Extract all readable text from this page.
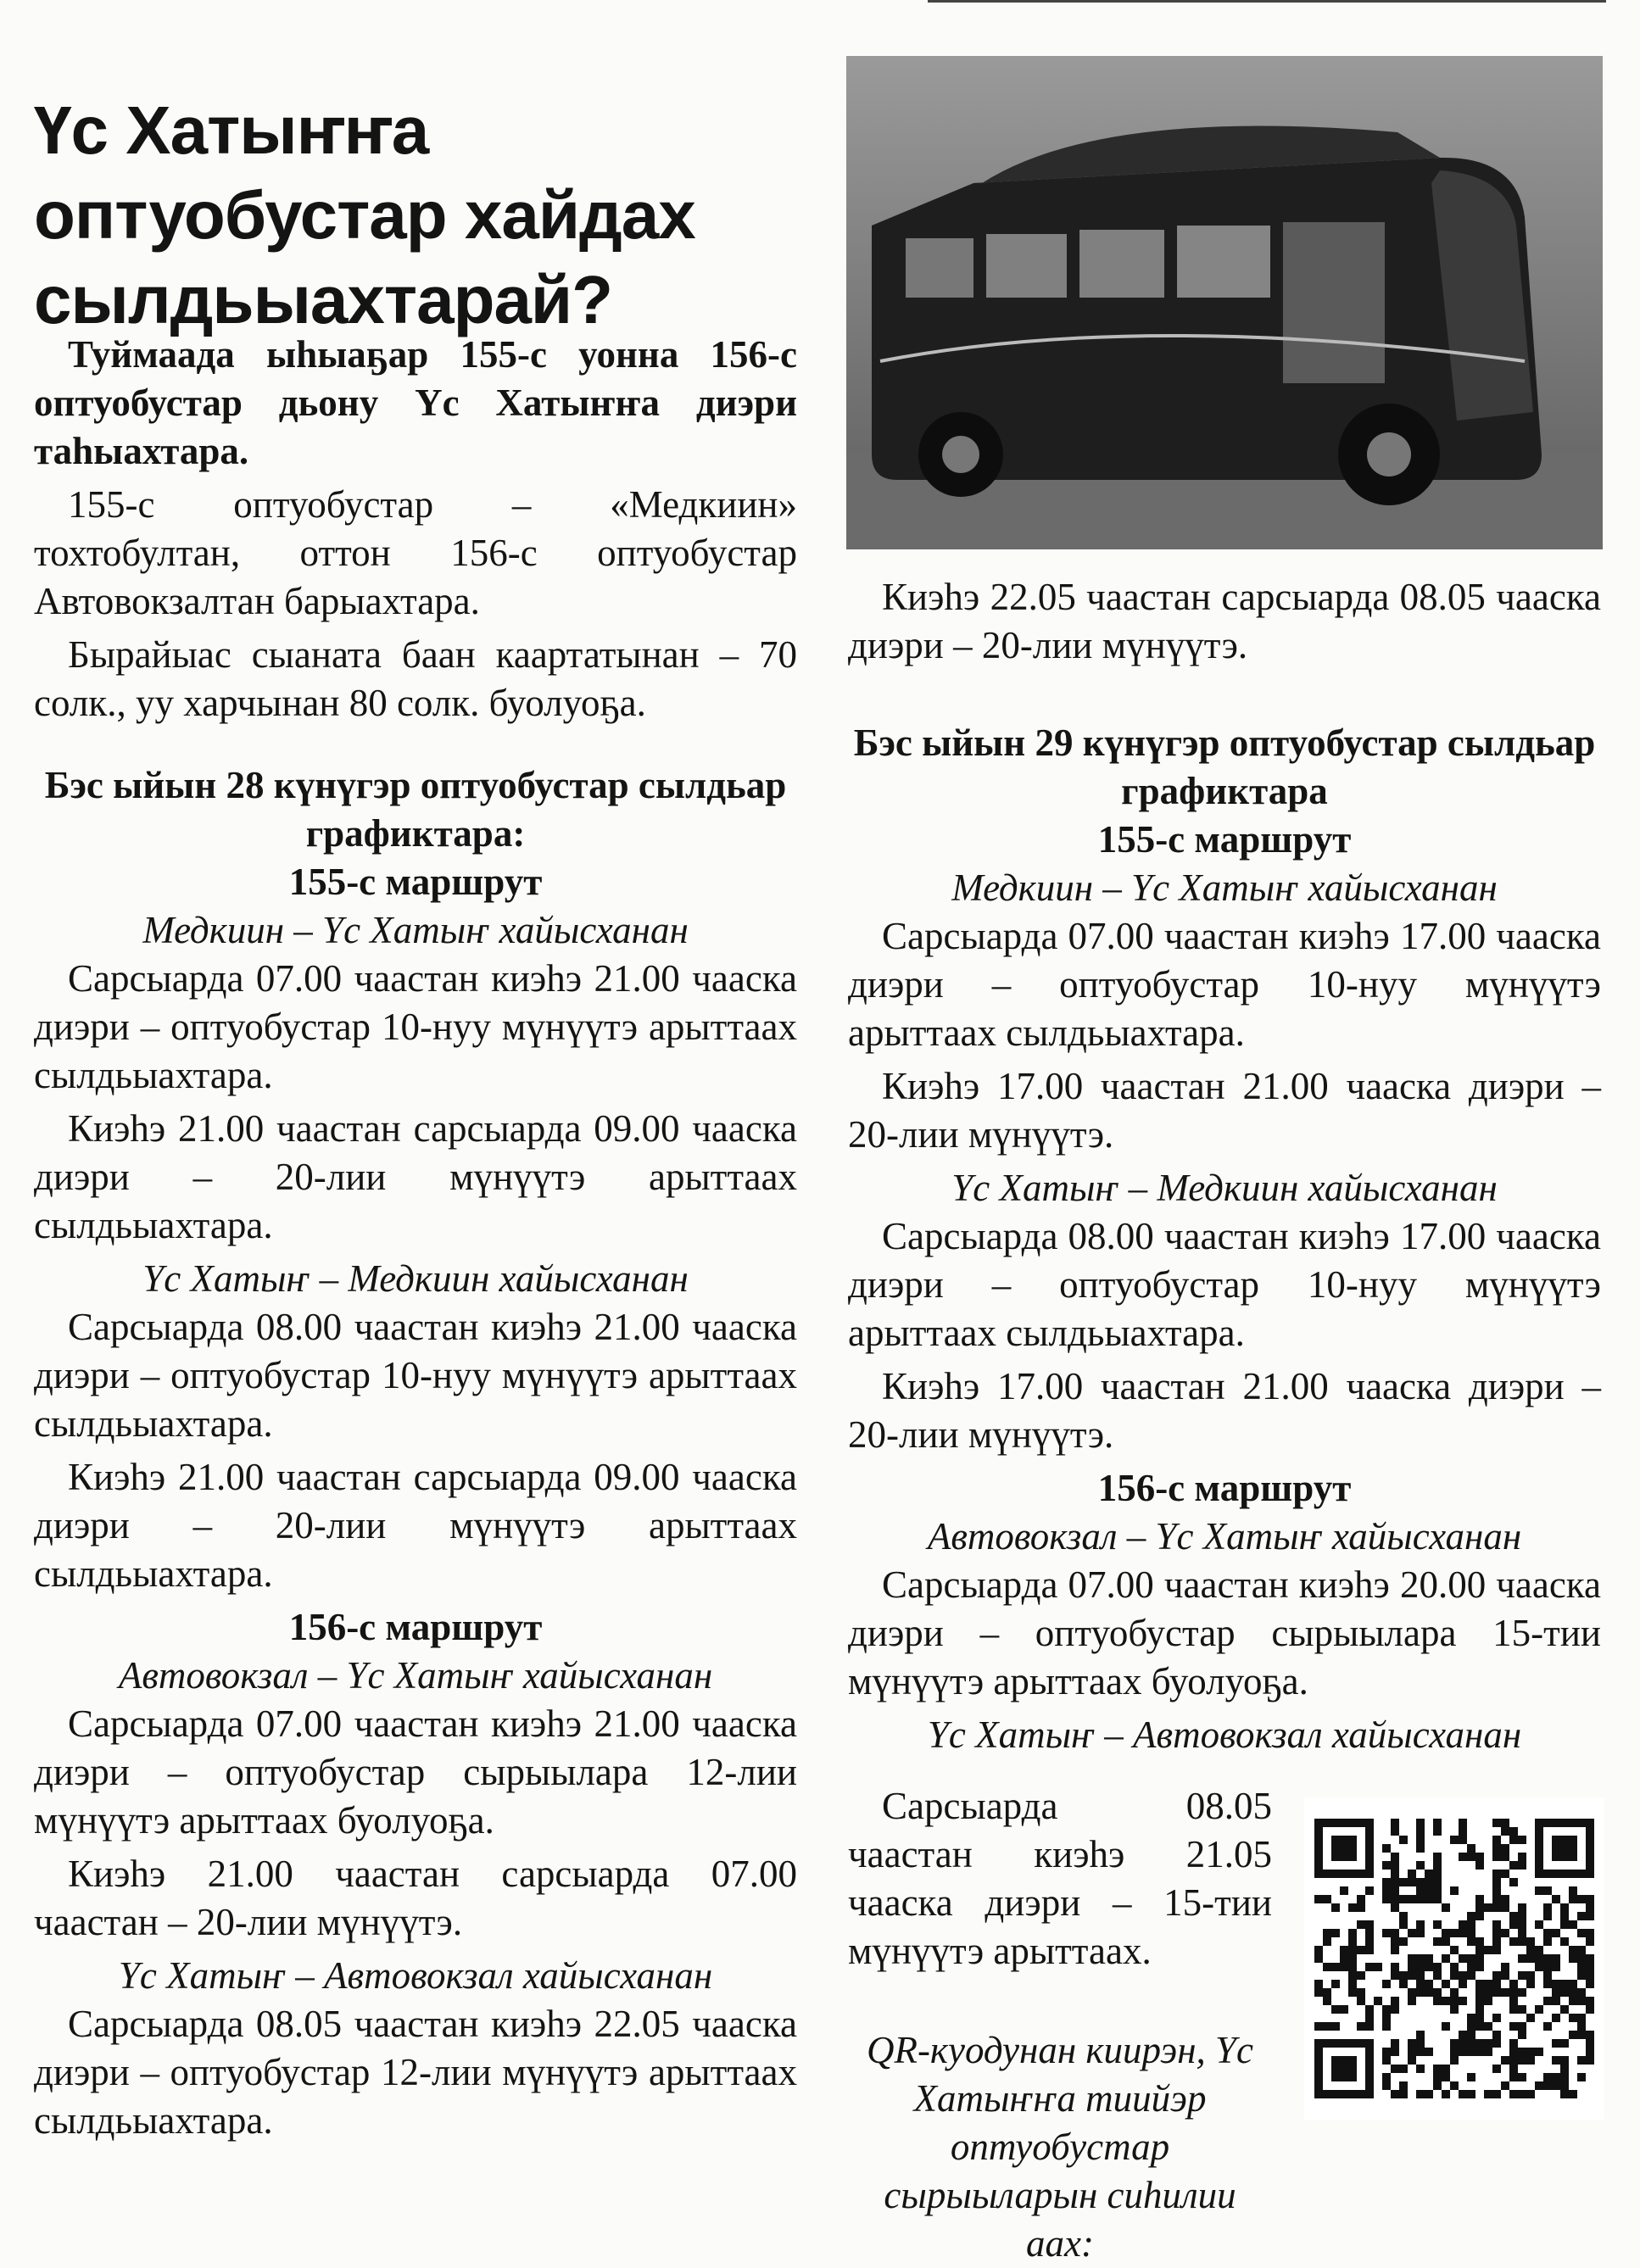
Үс Хатыҥҥа оптуобустар хайдах сылдьыахтарай?

Туймаада ыһыаҕар 155-с уонна 156-с оптуобустар дьону Үс Хатыҥҥа диэри таһыахтара.

155-с оптуобустар – «Медкиин» тохтобултан, оттон 156-с оптуобустар Автовокзалтан барыахтара.

Бырайыас сыаната баан каартатынан – 70 солк., уу харчынан 80 солк. буолуоҕа.

Бэс ыйын 28 күнүгэр оптуобустар сылдьар графиктара:

155-с маршрут

Медкиин – Үс Хатыҥ хайысханан

Сарсыарда 07.00 чаастан киэһэ 21.00 чааска диэри – оптуобустар 10-нуу мүнүүтэ арыттаах сылдьыахтара.

Киэһэ 21.00 чаастан сарсыарда 09.00 чааска диэри – 20-лии мүнүүтэ арыттаах сылдьыахтара.

Үс Хатыҥ – Медкиин хайысханан

Сарсыарда 08.00 чаастан киэһэ 21.00 чааска диэри – оптуобустар 10-нуу мүнүүтэ арыттаах сылдьыахтара.

Киэһэ 21.00 чаастан сарсыарда 09.00 чааска диэри – 20-лии мүнүүтэ арыттаах сылдьыахтара.

156-с маршрут

Автовокзал – Үс Хатыҥ хайысханан

Сарсыарда 07.00 чаастан киэһэ 21.00 чааска диэри – оптуобустар сырыылара 12-лии мүнүүтэ арыттаах буолуоҕа.

Киэһэ 21.00 чаастан сарсыарда 07.00 чаастан – 20-лии мүнүүтэ.

Үс Хатыҥ – Автовокзал хайысханан

Сарсыарда 08.05 чаастан киэһэ 22.05 чааска диэри – оптуобустар 12-лии мүнүүтэ арыттаах сылдьыахтара.

Киэһэ 22.05 чаастан сарсыарда 08.05 чааска диэри – 20-лии мүнүүтэ.

Бэс ыйын 29 күнүгэр оптуобустар сылдьар графиктара

155-с маршрут

Медкиин – Үс Хатыҥ хайысханан

Сарсыарда 07.00 чаастан киэһэ 17.00 чааска диэри – оптуобустар 10-нуу мүнүүтэ арыттаах сылдьыахтара.

Киэһэ 17.00 чаастан 21.00 чааска диэри – 20-лии мүнүүтэ.

Үс Хатыҥ – Медкиин хайысханан

Сарсыарда 08.00 чаастан киэһэ 17.00 чааска диэри – оптуобустар 10-нуу мүнүүтэ арыттаах сылдьыахтара.

Киэһэ 17.00 чаастан 21.00 чааска диэри – 20-лии мүнүүтэ.

156-с маршрут

Автовокзал – Үс Хатыҥ хайысханан

Сарсыарда 07.00 чаастан киэһэ 20.00 чааска диэри – оптуобустар сырыылара 15-тии мүнүүтэ арыттаах буолуоҕа.

Үс Хатыҥ – Автовокзал хайысханан

Сарсыарда 08.05 чаастан киэһэ 21.05 чааска диэри – 15-тии мүнүүтэ арыттаах.

QR-куодунан киирэн, Үс Хатыҥҥа тиийэр оптуобустар сырыыларын сиһилии аах:
